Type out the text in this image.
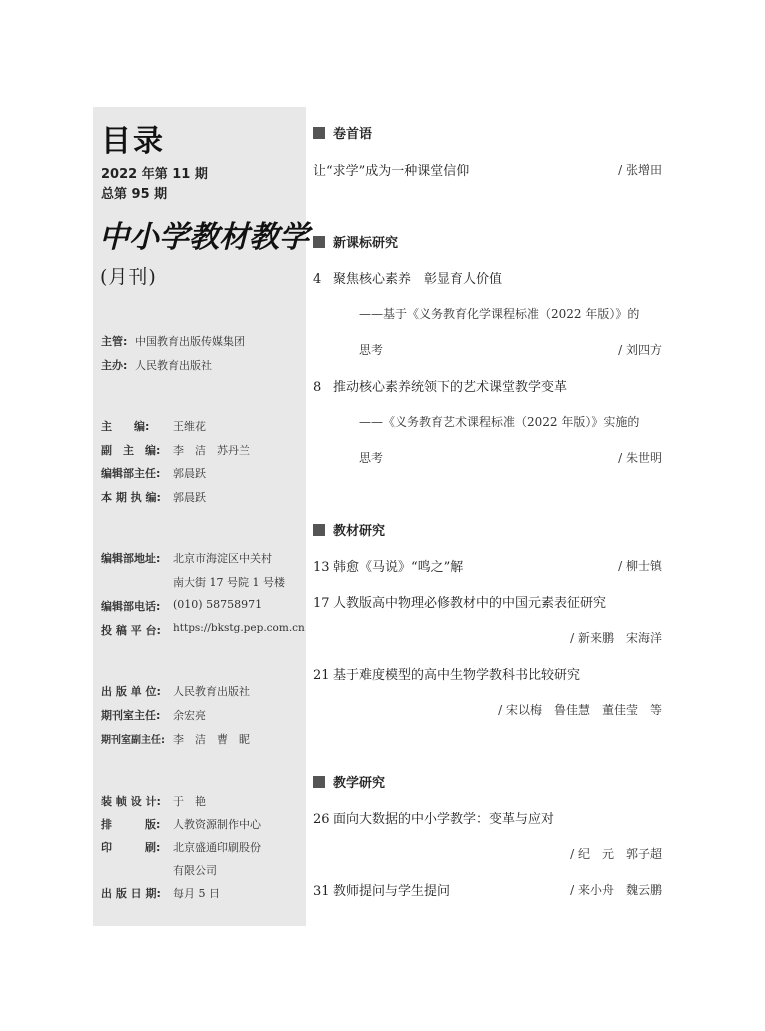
目录
2022 年第 11 期
总第 95 期
中小学教材教学
(月刊)
主管: 中国教育出版传媒集团
主办: 人民教育出版社
主　　编:	王维花
副　主　编:	李　洁　苏丹兰
编辑部主任:	郭晨跃
本 期 执 编:	郭晨跃
编辑部地址:	北京市海淀区中关村
南大街 17 号院 1 号楼
编辑部电话:	(010) 58758971
投 稿 平 台:	https://bkstg.pep.com.cn
出 版 单 位:	人民教育出版社
期刊室主任:	余宏亮
期刊室副主任: 李　洁　曹　眤
装 帧 设 计:	于　艳
排　　　版:	人教资源制作中心
印　　　刷:	北京盛通印刷股份
有限公司
出 版 日 期:	每月 5 日
卷首语
让“求学”成为一种课堂信仰	/ 张增田
新课标研究
4 聚焦核心素养　彰显育人价值
——基于《义务教育化学课程标准（2022 年版）》的
思考	/ 刘四方
8 推动核心素养统领下的艺术课堂教学变革
——《义务教育艺术课程标准（2022 年版）》实施的
思考	/ 朱世明
教材研究
13 韩愈《马说》“鸣之”解	/ 柳士镇
17 人教版高中物理必修教材中的中国元素表征研究
/ 新来鹏　宋海洋
21 基于难度模型的高中生物学教科书比较研究
/ 宋以梅　鲁佳慧　董佳莹　等
教学研究
26 面向大数据的中小学教学：变革与应对
/ 纪　元　郭子超
31 教师提问与学生提问	/ 来小舟　魏云鹏
